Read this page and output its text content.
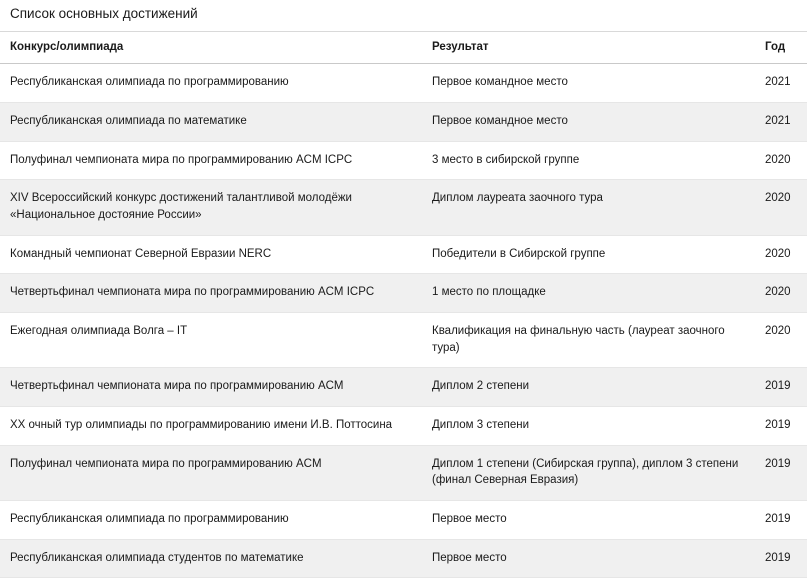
Список основных достижений
Конкурс/олимпиада	Результат	Год
Республиканская олимпиада по программированию	Первое командное место	2021
Республиканская олимпиада по математике	Первое командное место	2021
Полуфинал чемпионата мира по программированию ACM ICPC	3 место в сибирской группе	2020
XIV Всероссийский конкурс достижений талантливой молодёжи «Национальное достояние России»	Диплом лауреата заочного тура	2020
Командный чемпионат Северной Евразии NERC	Победители в Сибирской группе	2020
Четвертьфинал чемпионата мира по программированию ACM ICPC	1 место по площадке	2020
Ежегодная олимпиада Волга – IT	Квалификация на финальную часть (лауреат заочного тура)	2020
Четвертьфинал чемпионата мира по программированию ACM	Диплом 2 степени	2019
XX очный тур олимпиады по программированию имени И.В. Поттосина	Диплом 3 степени	2019
Полуфинал чемпионата мира по программированию ACM	Диплом 1 степени (Сибирская группа), диплом 3 степени (финал Северная Евразия)	2019
Республиканская олимпиада по программированию	Первое место	2019
Республиканская олимпиада студентов по математике	Первое место	2019
